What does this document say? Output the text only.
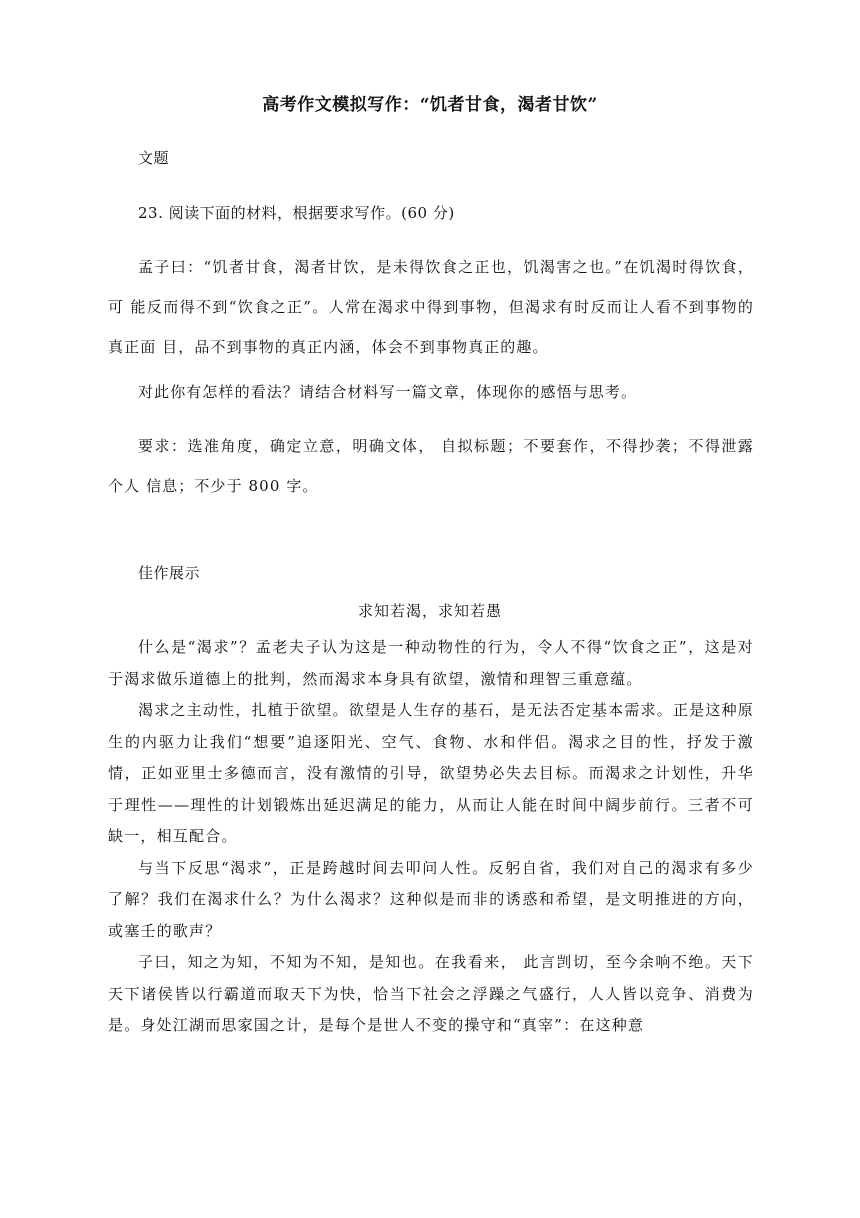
高考作文模拟写作：“饥者甘食，渴者甘饮”
文题
23. 阅读下面的材料，根据要求写作。(60 分)

孟子曰：“饥者甘食，渴者甘饮，是未得饮食之正也，饥渴害之也。”在饥渴时得饮食，可 能反而得不到“饮食之正”。人常在渴求中得到事物，但渴求有时反而让人看不到事物的真正面 目，品不到事物的真正内涵，体会不到事物真正的趣。

对此你有怎样的看法？请结合材料写一篇文章，体现你的感悟与思考。

要求：选准角度，确定立意，明确文体， 自拟标题；不要套作，不得抄袭；不得泄露个人 信息；不少于 800 字。

佳作展示
求知若渴，求知若愚

什么是“渴求”？孟老夫子认为这是一种动物性的行为，令人不得“饮食之正”，这是对于渴求做乐道德上的批判，然而渴求本身具有欲望，激情和理智三重意蕴。

渴求之主动性，扎植于欲望。欲望是人生存的基石，是无法否定基本需求。正是这种原生的内驱力让我们“想要”追逐阳光、空气、食物、水和伴侣。渴求之目的性，抒发于激情，正如亚里士多德而言，没有激情的引导，欲望势必失去目标。而渴求之计划性，升华于理性——理性的计划锻炼出延迟满足的能力，从而让人能在时间中阔步前行。三者不可缺一，相互配合。

与当下反思“渴求”，正是跨越时间去叩问人性。反躬自省，我们对自己的渴求有多少了解？我们在渴求什么？为什么渴求？这种似是而非的诱惑和希望，是文明推进的方向，或塞壬的歌声？

子曰，知之为知，不知为不知，是知也。在我看来， 此言剀切，至今余响不绝。天下天下诸侯皆以行霸道而取天下为快，恰当下社会之浮躁之气盛行，人人皆以竞争、消费为是。身处江湖而思家国之计，是每个是世人不变的操守和“真宰”：在这种意
